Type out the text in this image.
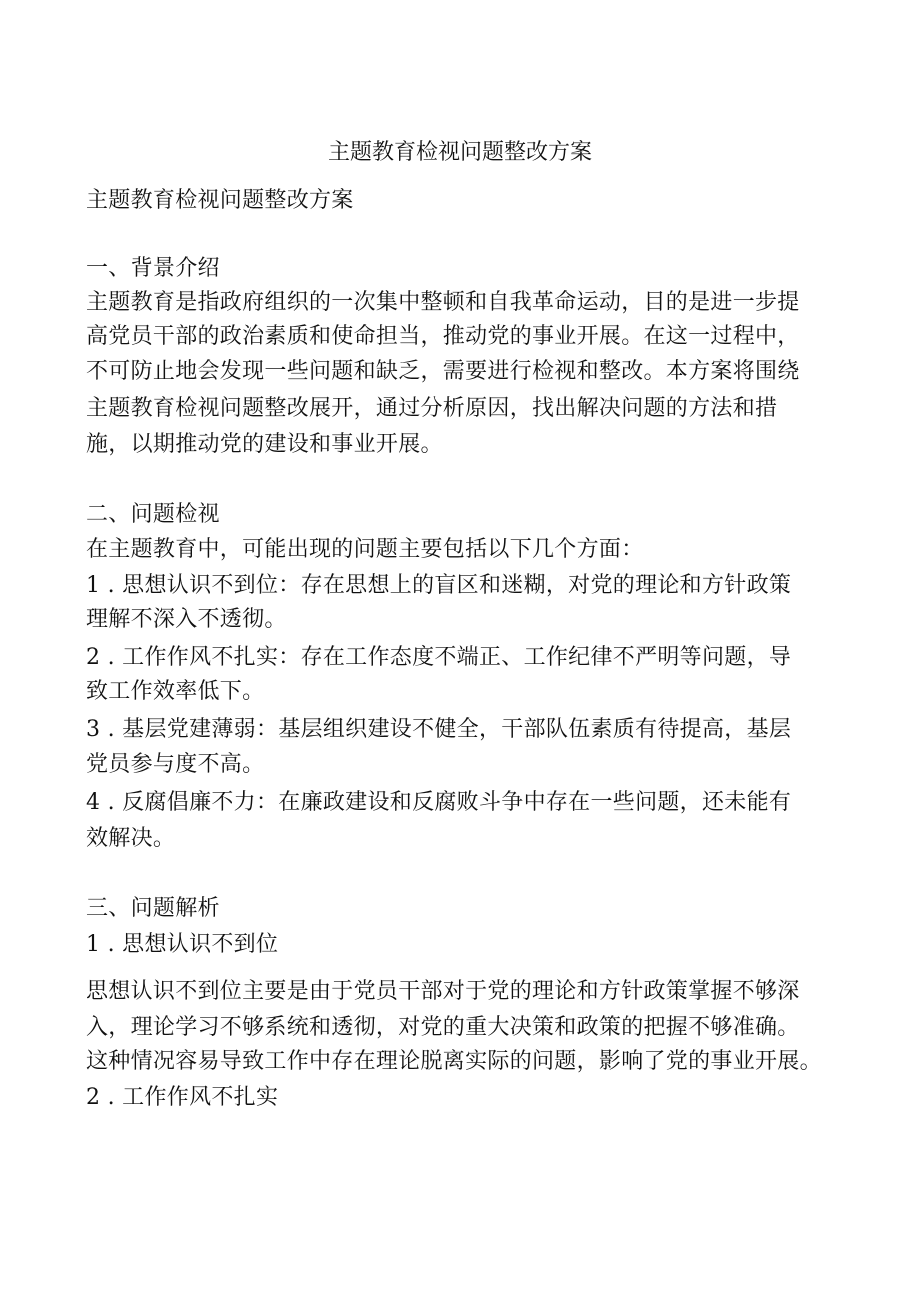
主题教育检视问题整改方案
主题教育检视问题整改方案
一、背景介绍
主题教育是指政府组织的一次集中整顿和自我革命运动，目的是进一步提
高党员干部的政治素质和使命担当，推动党的事业开展。在这一过程中，
不可防止地会发现一些问题和缺乏，需要进行检视和整改。本方案将围绕
主题教育检视问题整改展开，通过分析原因，找出解决问题的方法和措
施，以期推动党的建设和事业开展。
二、问题检视
在主题教育中，可能出现的问题主要包括以下几个方面：
1 . 思想认识不到位：存在思想上的盲区和迷糊，对党的理论和方针政策
理解不深入不透彻。
2 . 工作作风不扎实：存在工作态度不端正、工作纪律不严明等问题，导
致工作效率低下。
3 . 基层党建薄弱：基层组织建设不健全，干部队伍素质有待提高，基层
党员参与度不高。
4 . 反腐倡廉不力：在廉政建设和反腐败斗争中存在一些问题，还未能有
效解决。
三、问题解析
1 . 思想认识不到位
思想认识不到位主要是由于党员干部对于党的理论和方针政策掌握不够深
入，理论学习不够系统和透彻，对党的重大决策和政策的把握不够准确。
这种情况容易导致工作中存在理论脱离实际的问题，影响了党的事业开展。
2 . 工作作风不扎实
